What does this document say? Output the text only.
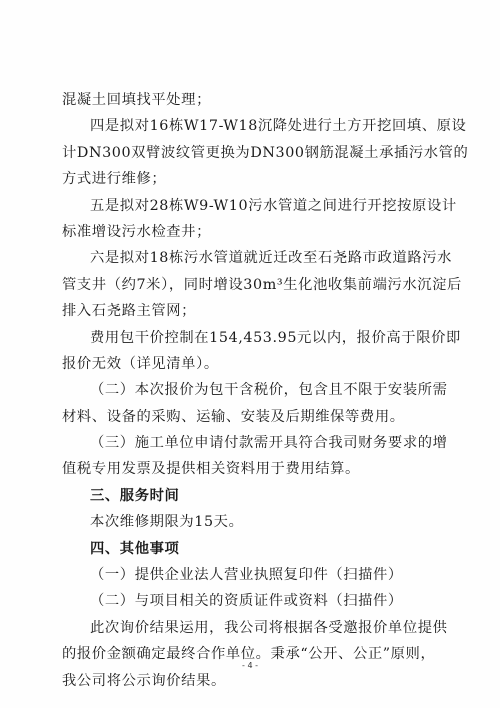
混凝土回填找平处理；
四是拟对16栋W17-W18沉降处进行土方开挖回填、原设
计DN300双臂波纹管更换为DN300钢筋混凝土承插污水管的
方式进行维修；
五是拟对28栋W9-W10污水管道之间进行开挖按原设计
标准增设污水检查井；
六是拟对18栋污水管道就近迁改至石尧路市政道路污水
管支井（约7米），同时增设30m³生化池收集前端污水沉淀后
排入石尧路主管网；
费用包干价控制在154,453.95元以内，报价高于限价即
报价无效（详见清单）。
（二）本次报价为包干含税价，包含且不限于安装所需
材料、设备的采购、运输、安装及后期维保等费用。
（三）施工单位申请付款需开具符合我司财务要求的增
值税专用发票及提供相关资料用于费用结算。
三、服务时间
本次维修期限为15天。
四、其他事项
（一）提供企业法人营业执照复印件（扫描件）
（二）与项目相关的资质证件或资料（扫描件）
此次询价结果运用，我公司将根据各受邀报价单位提供
的报价金额确定最终合作单位。秉承“公开、公正”原则，
我公司将公示询价结果。
- 4 -
